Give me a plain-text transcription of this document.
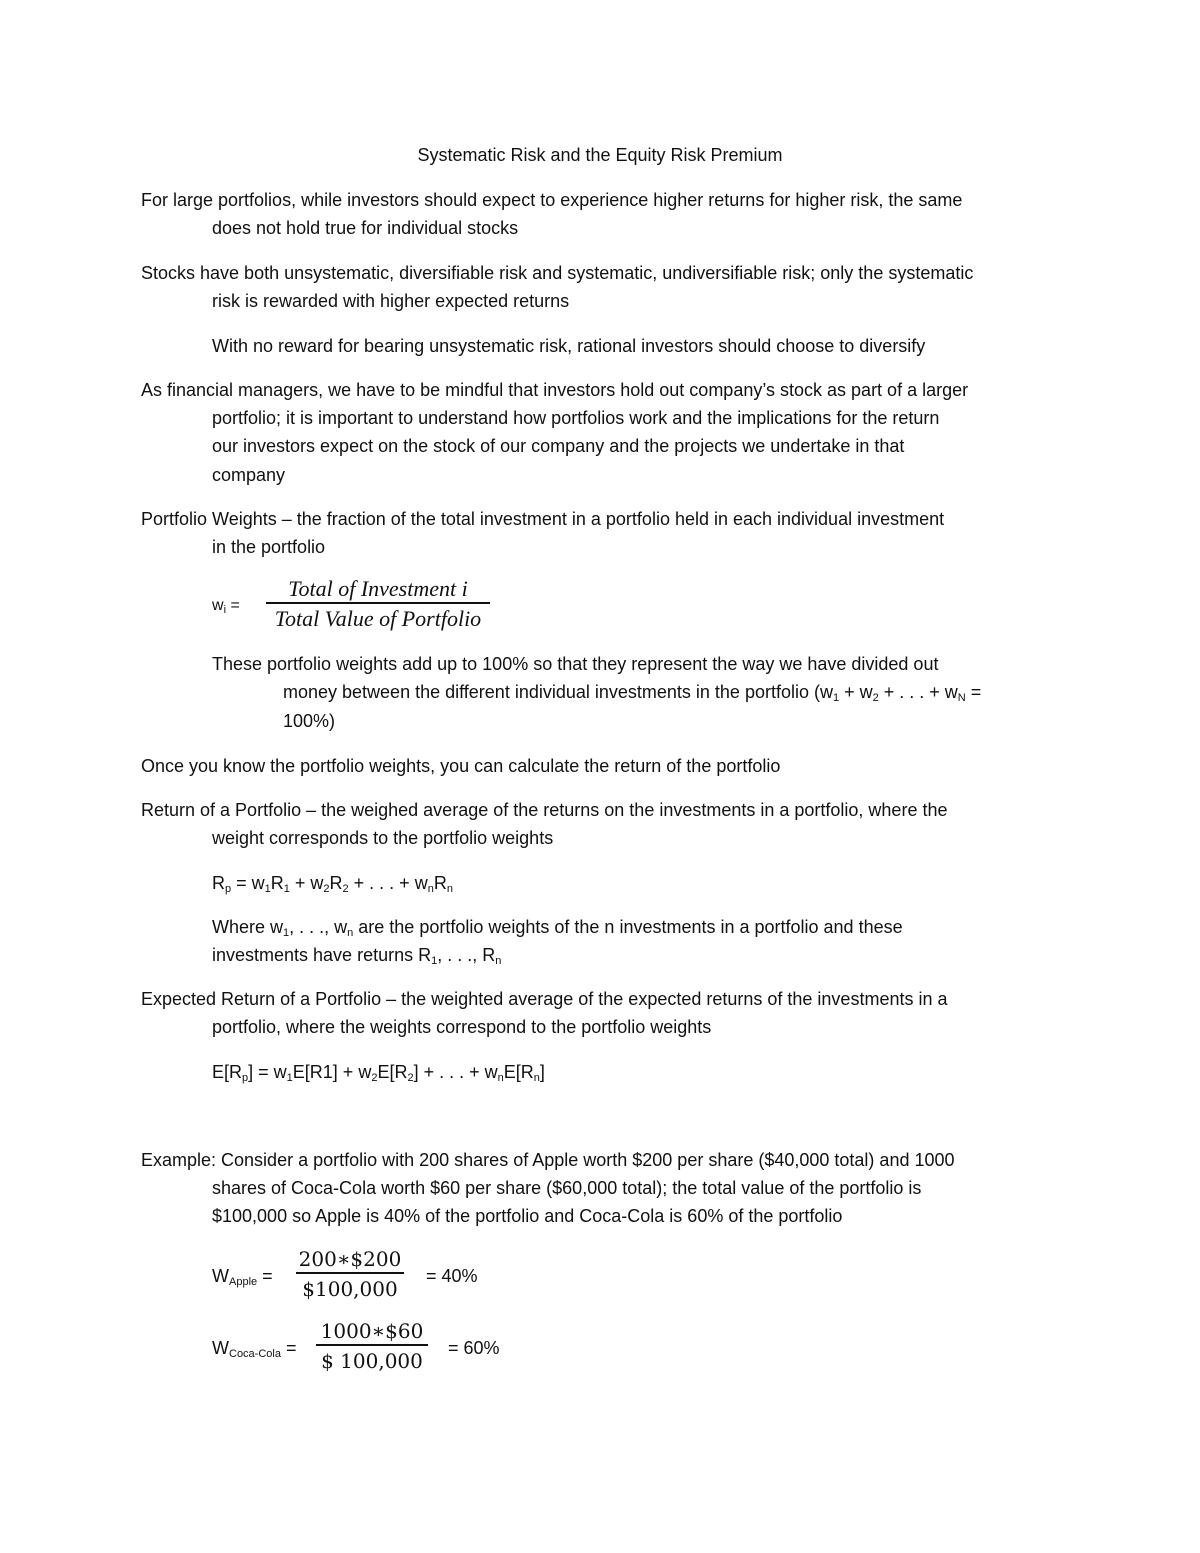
Systematic Risk and the Equity Risk Premium
For large portfolios, while investors should expect to experience higher returns for higher risk, the same
does not hold true for individual stocks
Stocks have both unsystematic, diversifiable risk and systematic, undiversifiable risk; only the systematic
risk is rewarded with higher expected returns
With no reward for bearing unsystematic risk, rational investors should choose to diversify
As financial managers, we have to be mindful that investors hold out company’s stock as part of a larger
portfolio; it is important to understand how portfolios work and the implications for the return
our investors expect on the stock of our company and the projects we undertake in that
company
Portfolio Weights – the fraction of the total investment in a portfolio held in each individual investment
in the portfolio
$w_i$ =
Total of Investment i
Total Value of Portfolio
These portfolio weights add up to 100% so that they represent the way we have divided out
money between the different individual investments in the portfolio ($w_1 + w_2$ + . . . + $w_N$ =
100%)
Once you know the portfolio weights, you can calculate the return of the portfolio
Return of a Portfolio – the weighed average of the returns on the investments in a portfolio, where the
weight corresponds to the portfolio weights
$R_p = w_1R_1 + w_2R_2$ + . . . + $w_nR_n$
Where $w_1$, . . ., $w_n$ are the portfolio weights of the n investments in a portfolio and these
investments have returns $R_1$, . . ., $R_n$
Expected Return of a Portfolio – the weighted average of the expected returns of the investments in a
portfolio, where the weights correspond to the portfolio weights
$E[R_p] = w_1E[R1] + w_2E[R_2]$ + . . . + $w_nE[R_n]$
Example: Consider a portfolio with 200 shares of Apple worth $200 per share ($40,000 total) and 1000
shares of Coca-Cola worth $60 per share ($60,000 total); the total value of the portfolio is
$100,000 so Apple is 40% of the portfolio and Coca-Cola is 60% of the portfolio
$W_{Apple}$ =
200∗$200
$100,000
= 40%
$W_{Coca-Cola}$ =
1000∗$60
$ 100,000
= 60%
